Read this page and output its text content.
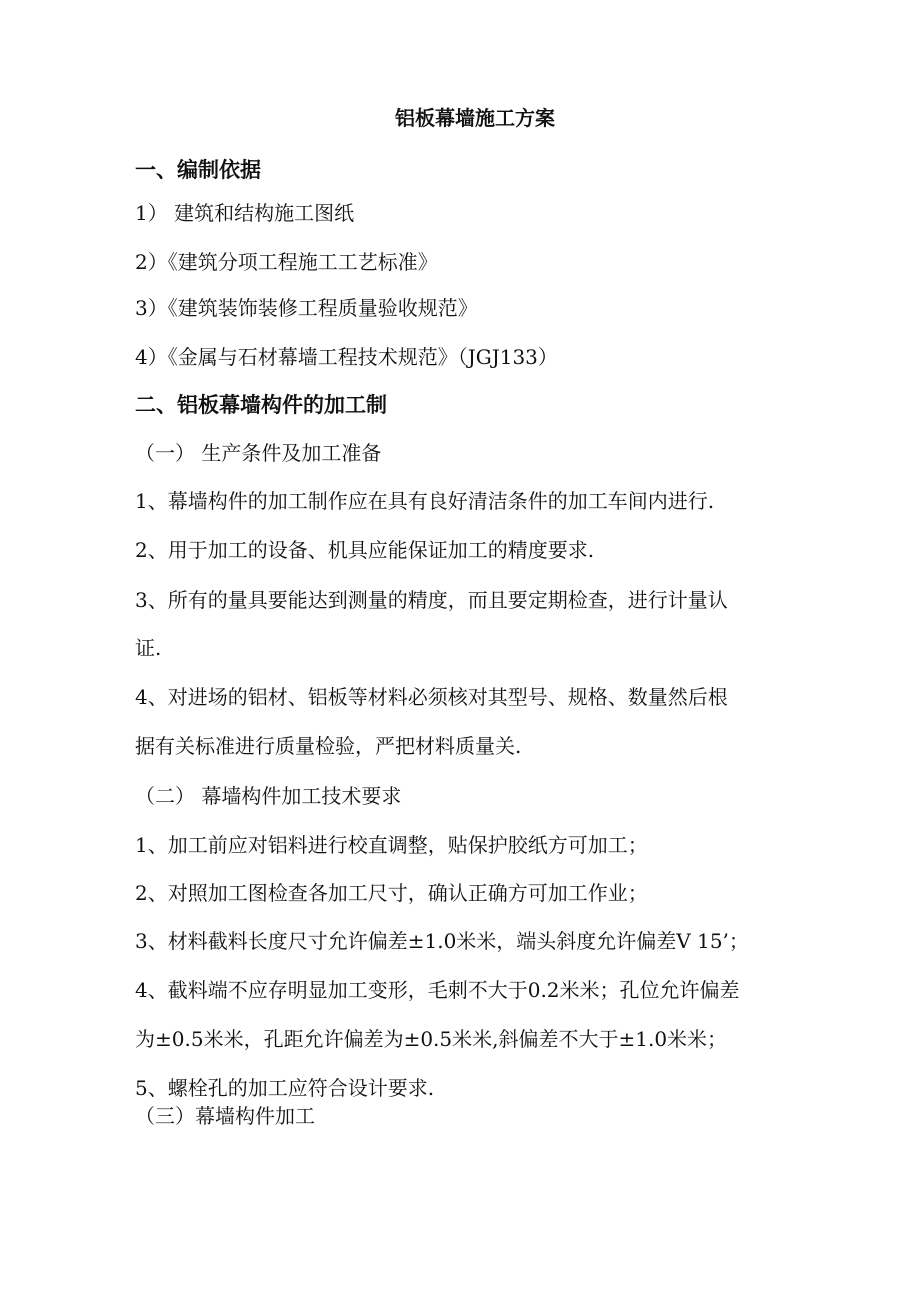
铝板幕墙施工方案
一、编制依据
1） 建筑和结构施工图纸
2）《建筑分项工程施工工艺标准》
3）《建筑装饰装修工程质量验收规范》
4）《金属与石材幕墙工程技术规范》（JGJ133）
二、铝板幕墙构件的加工制
（一） 生产条件及加工准备
1、幕墙构件的加工制作应在具有良好清洁条件的加工车间内进行.
2、用于加工的设备、机具应能保证加工的精度要求.
3、所有的量具要能达到测量的精度，而且要定期检查，进行计量认
证.
4、对进场的铝材、铝板等材料必须核对其型号、规格、数量然后根
据有关标准进行质量检验，严把材料质量关.
（二） 幕墙构件加工技术要求
1、加工前应对铝料进行校直调整，贴保护胶纸方可加工；
2、对照加工图检查各加工尺寸，确认正确方可加工作业；
3、材料截料长度尺寸允许偏差±1.0米米，端头斜度允许偏差V 15’；
4、截料端不应存明显加工变形，毛刺不大于0.2米米；孔位允许偏差
为±0.5米米，孔距允许偏差为±0.5米米,斜偏差不大于±1.0米米；
5、螺栓孔的加工应符合设计要求.
（三）幕墙构件加工
